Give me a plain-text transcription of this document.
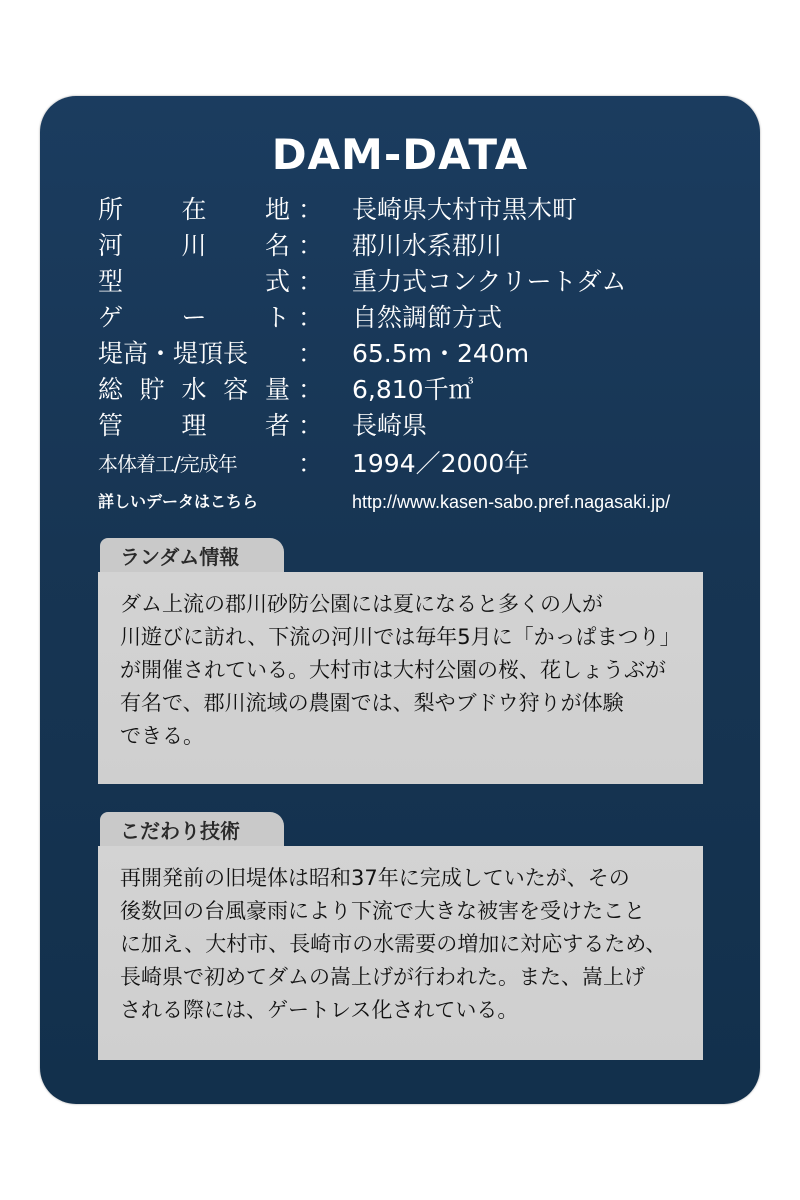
DAM-DATA
所 在 地 ： 長崎県大村市黒木町
河 川 名 ： 郡川水系郡川
型	式 ： 重力式コンクリートダム
ゲ ー ト ： 自然調節方式
堤高・堤頂長 ： 65.5m・240m
総 貯 水 容 量 ： 6,810千㎥
管 理 者 ： 長崎県
本体着工/完成年 ： 1994／2000年
詳しいデータはこちら	http://www.kasen-sabo.pref.nagasaki.jp/
ランダム情報
ダム上流の郡川砂防公園には夏になると多くの人が
川遊びに訪れ、下流の河川では毎年5月に「かっぱまつり」
が開催されている。大村市は大村公園の桜、花しょうぶが
有名で、郡川流域の農園では、梨やブドウ狩りが体験
できる。
こだわり技術
再開発前の旧堤体は昭和37年に完成していたが、その
後数回の台風豪雨により下流で大きな被害を受けたこと
に加え、大村市、長崎市の水需要の増加に対応するため、
長崎県で初めてダムの嵩上げが行われた。また、嵩上げ
される際には、ゲートレス化されている。
